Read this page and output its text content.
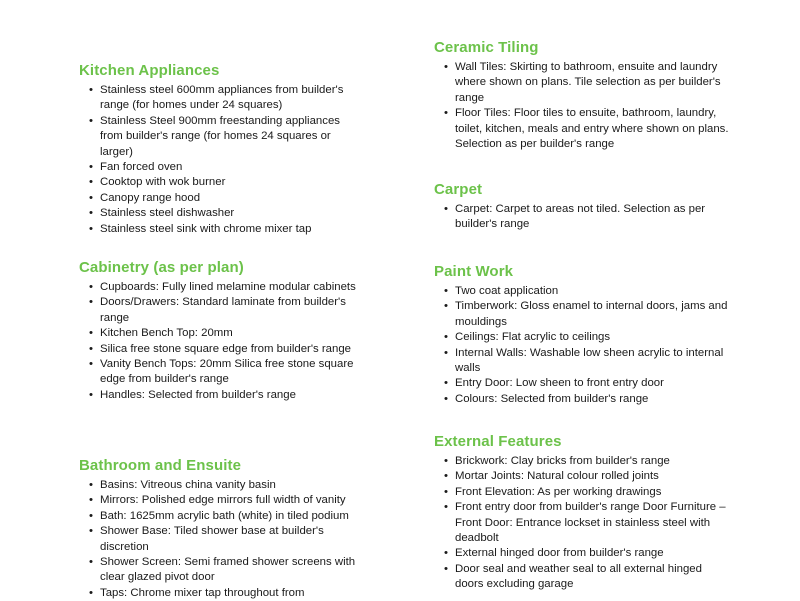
Kitchen Appliances
• Stainless steel 600mm appliances from builder's range (for homes under 24 squares)
• Stainless Steel 900mm freestanding appliances from builder's range (for homes 24 squares or larger)
• Fan forced oven
• Cooktop with wok burner
• Canopy range hood
• Stainless steel dishwasher
• Stainless steel sink with chrome mixer tap
Cabinetry (as per plan)
• Cupboards: Fully lined melamine modular cabinets
• Doors/Drawers: Standard laminate from builder's range
• Kitchen Bench Top: 20mm
• Silica free stone square edge from builder's range
• Vanity Bench Tops: 20mm Silica free stone square edge from builder's range
• Handles: Selected from builder's range
Bathroom and Ensuite
• Basins: Vitreous china vanity basin
• Mirrors: Polished edge mirrors full width of vanity
• Bath: 1625mm acrylic bath (white) in tiled podium
• Shower Base: Tiled shower base at builder's discretion
• Shower Screen: Semi framed shower screens with clear glazed pivot door
• Taps: Chrome mixer tap throughout from
Ceramic Tiling
• Wall Tiles: Skirting to bathroom, ensuite and laundry where shown on plans. Tile selection as per builder's range
• Floor Tiles: Floor tiles to ensuite, bathroom, laundry, toilet, kitchen, meals and entry where shown on plans. Selection as per builder's range
Carpet
• Carpet: Carpet to areas not tiled. Selection as per builder's range
Paint Work
• Two coat application
• Timberwork: Gloss enamel to internal doors, jams and mouldings
• Ceilings: Flat acrylic to ceilings
• Internal Walls: Washable low sheen acrylic to internal walls
• Entry Door: Low sheen to front entry door
• Colours: Selected from builder's range
External Features
• Brickwork: Clay bricks from builder's range
• Mortar Joints: Natural colour rolled joints
• Front Elevation: As per working drawings
• Front entry door from builder's range Door Furniture – Front Door: Entrance lockset in stainless steel with deadbolt
• External hinged door from builder's range
• Door seal and weather seal to all external hinged doors excluding garage
